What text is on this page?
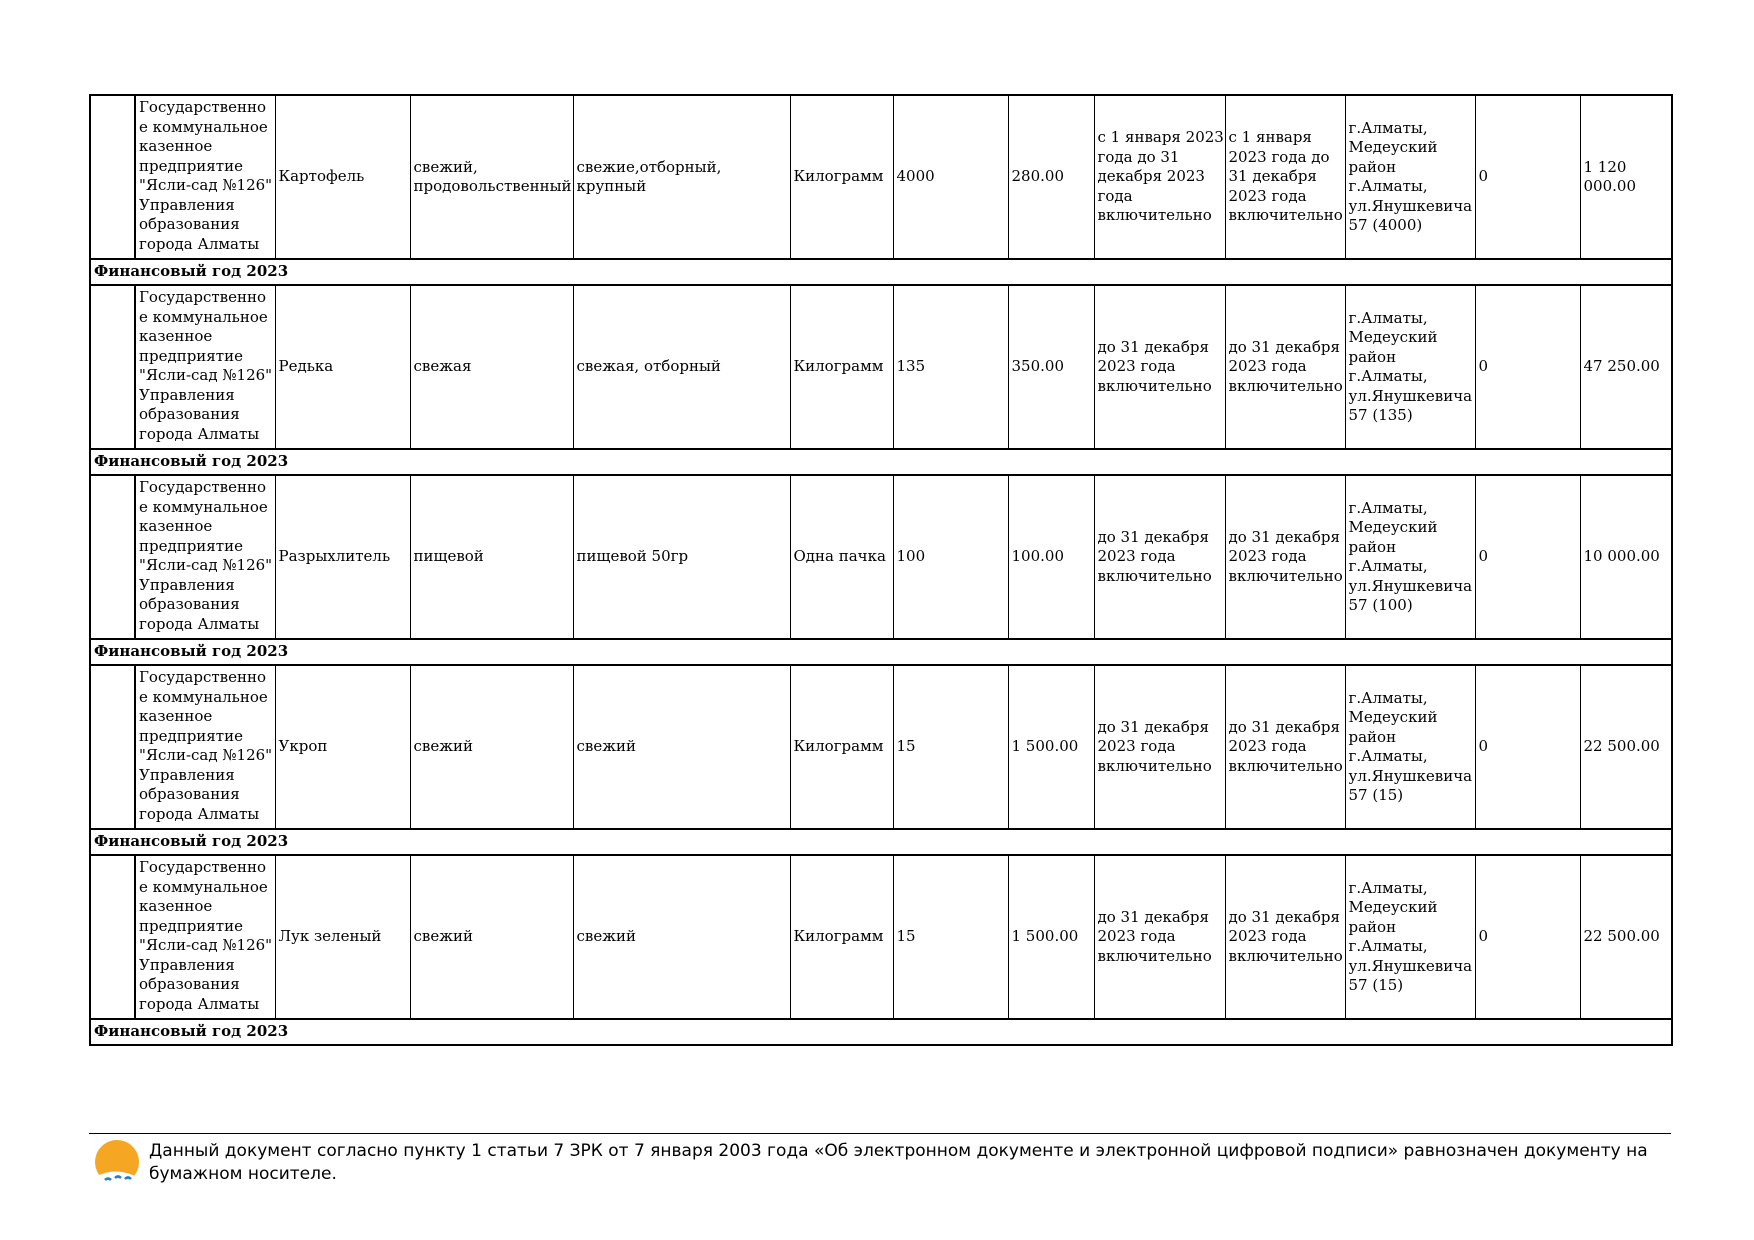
	Государственное коммунальное казенное предприятие "Ясли-сад №126" Управления образования города Алматы	Картофель	свежий, продовольственный	свежие,отборный, крупный	Килограмм	4000	280.00	с 1 января 2023 года до 31 декабря 2023 года включительно	с 1 января 2023 года до 31 декабря 2023 года включительно	г.Алматы, Медеуский район г.Алматы, ул.Янушкевича 57 (4000)	0	1 120 000.00
Финансовый год 2023												
	Государственное коммунальное казенное предприятие "Ясли-сад №126" Управления образования города Алматы	Редька	свежая	свежая, отборный	Килограмм	135	350.00	до 31 декабря 2023 года включительно	до 31 декабря 2023 года включительно	г.Алматы, Медеуский район г.Алматы, ул.Янушкевича 57 (135)	0	47 250.00
Финансовый год 2023												
	Государственное коммунальное казенное предприятие "Ясли-сад №126" Управления образования города Алматы	Разрыхлитель	пищевой	пищевой 50гр	Одна пачка	100	100.00	до 31 декабря 2023 года включительно	до 31 декабря 2023 года включительно	г.Алматы, Медеуский район г.Алматы, ул.Янушкевича 57 (100)	0	10 000.00
Финансовый год 2023												
	Государственное коммунальное казенное предприятие "Ясли-сад №126" Управления образования города Алматы	Укроп	свежий	свежий	Килограмм	15	1 500.00	до 31 декабря 2023 года включительно	до 31 декабря 2023 года включительно	г.Алматы, Медеуский район г.Алматы, ул.Янушкевича 57 (15)	0	22 500.00
Финансовый год 2023												
	Государственное коммунальное казенное предприятие "Ясли-сад №126" Управления образования города Алматы	Лук зеленый	свежий	свежий	Килограмм	15	1 500.00	до 31 декабря 2023 года включительно	до 31 декабря 2023 года включительно	г.Алматы, Медеуский район г.Алматы, ул.Янушкевича 57 (15)	0	22 500.00
Финансовый год 2023												
Данный документ согласно пункту 1 статьи 7 ЗРК от 7 января 2003 года «Об электронном документе и электронной цифровой подписи» равнозначен документу на бумажном носителе.
